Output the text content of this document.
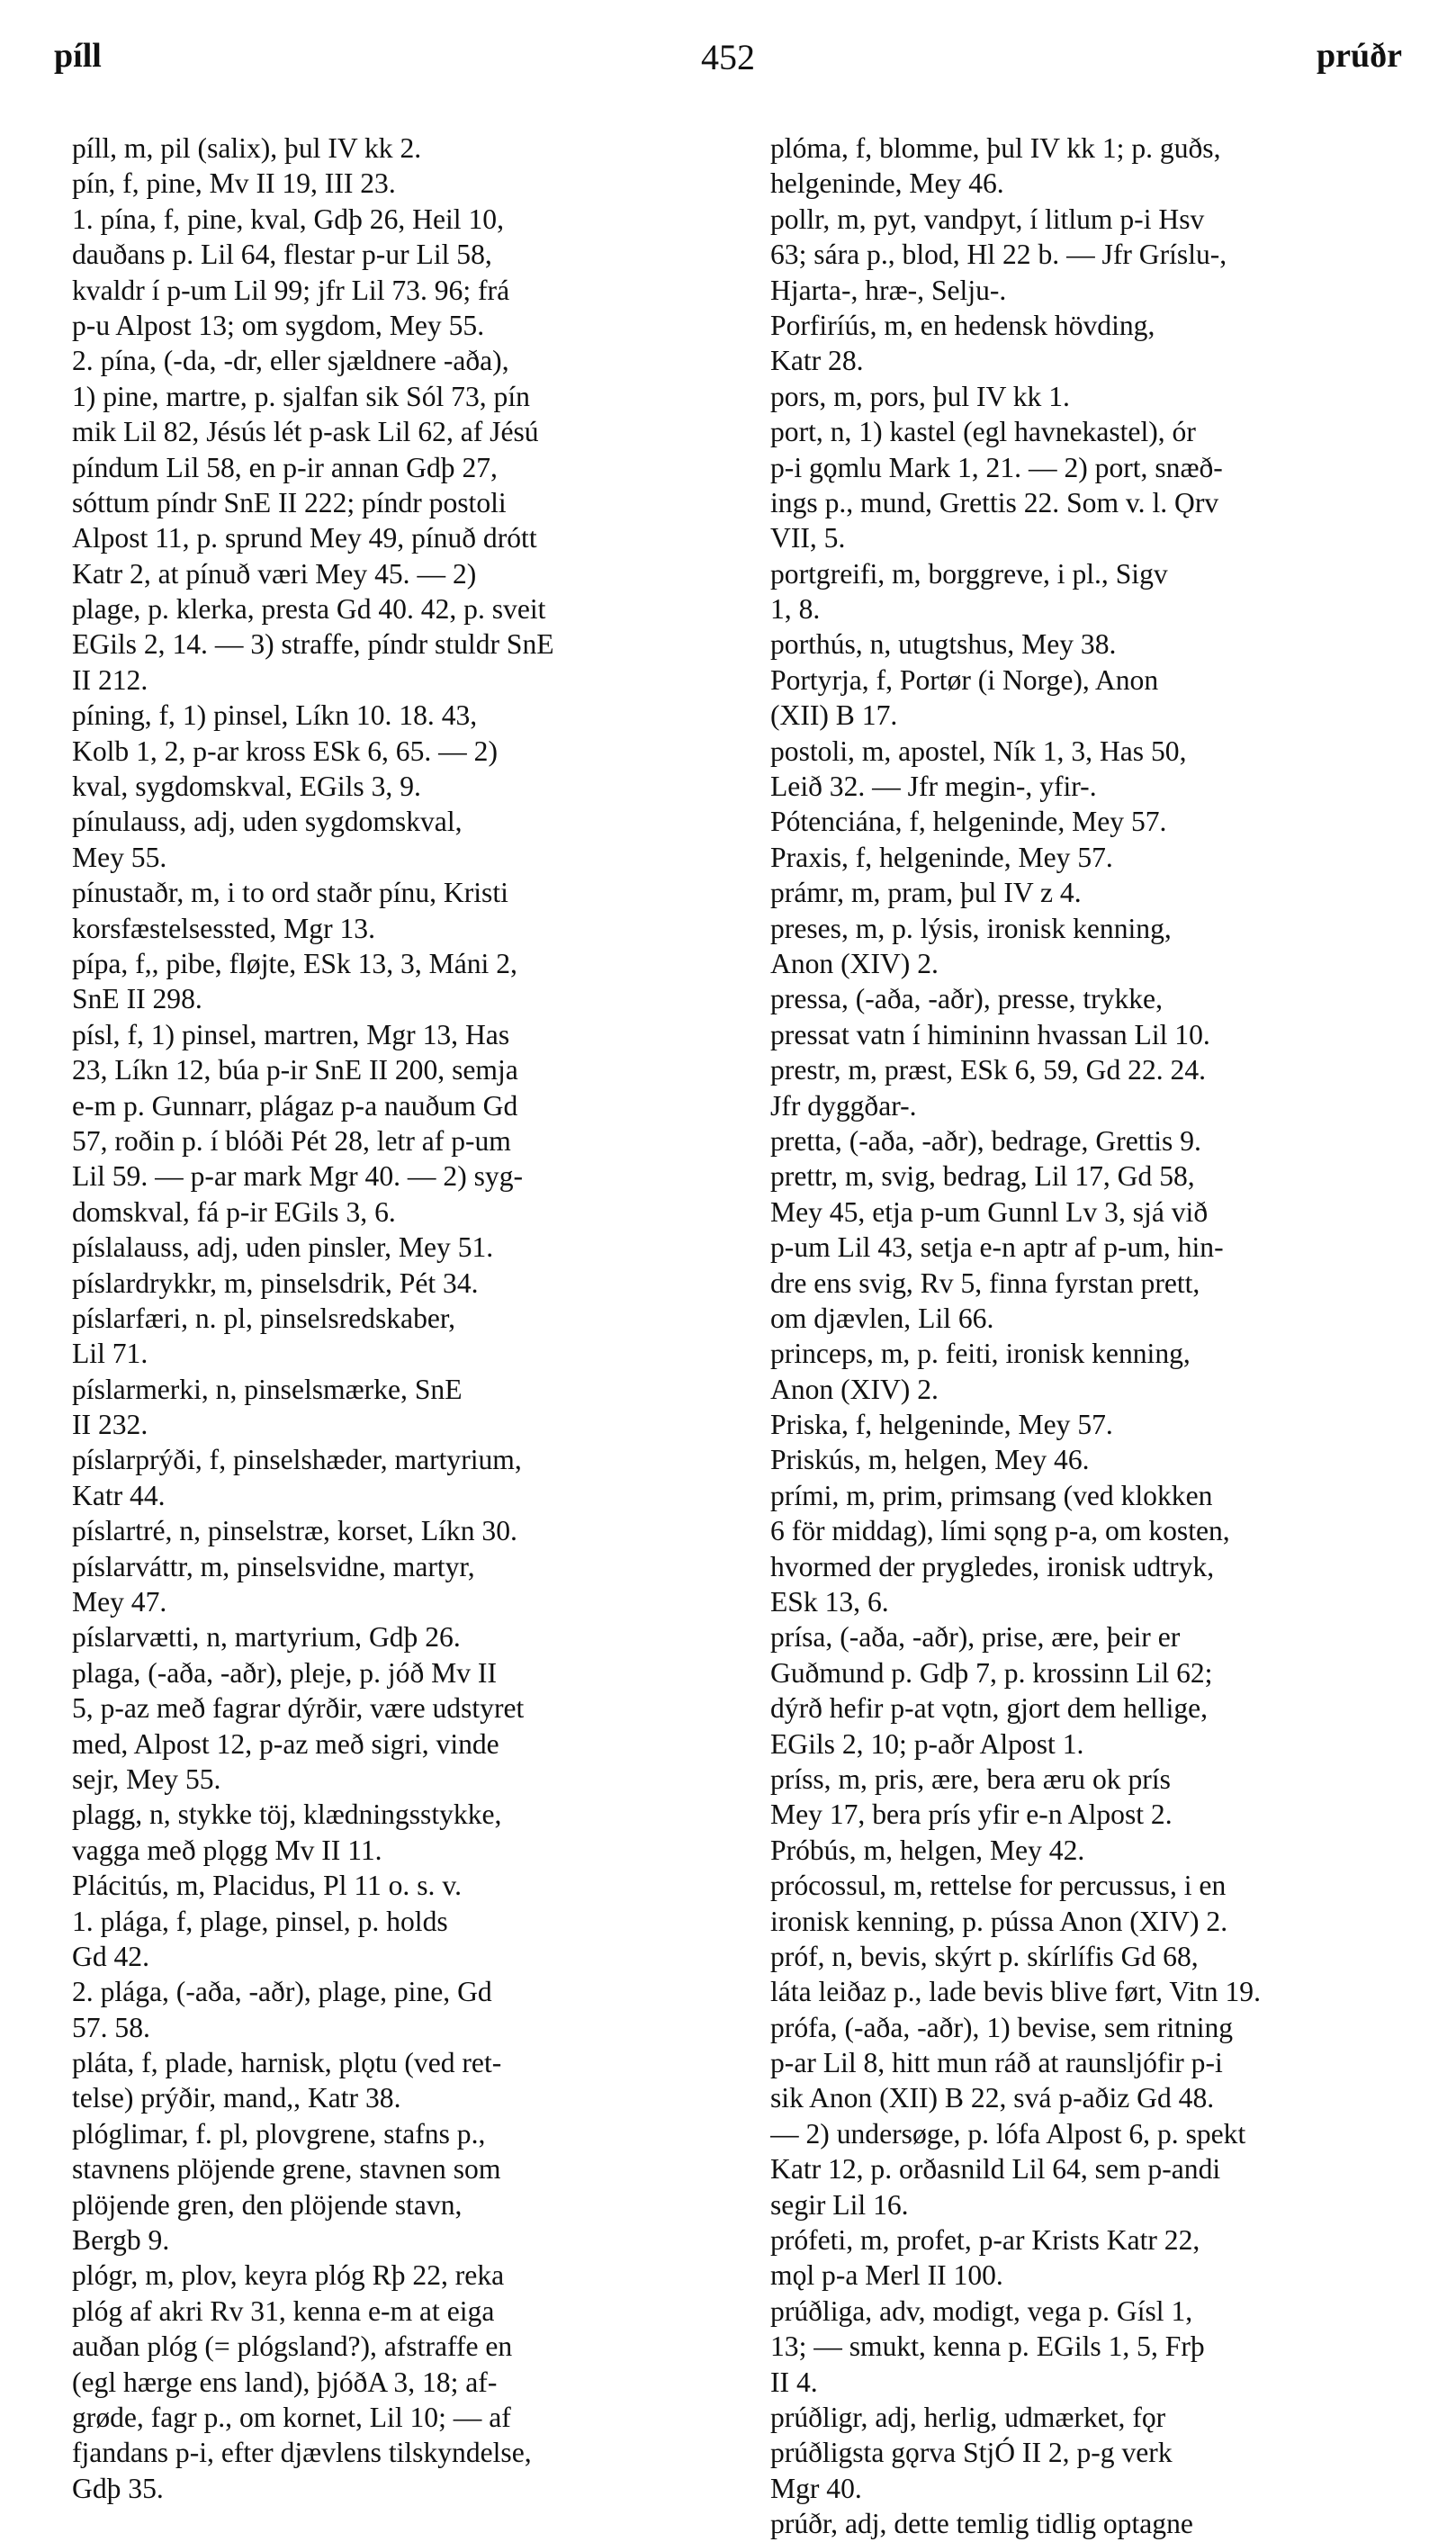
píll	452	prúðr
píll, m, pil (salix), þul IV kk 2.
pín, f, pine, Mv II 19, III 23.
1. pína, f, pine, kval, Gdþ 26, Heil 10,
dauðans p. Lil 64, flestar p-ur Lil 58,
kvaldr í p-um Lil 99; jfr Lil 73. 96; frá
p-u Alpost 13; om sygdom, Mey 55.
2. pína, (-da, -dr, eller sjældnere -aða),
1) pine, martre, p. sjalfan sik Sól 73, pín
mik Lil 82, Jésús lét p-ask Lil 62, af Jésú
píndum Lil 58, en p-ir annan Gdþ 27,
sóttum píndr SnE II 222; píndr postoli
Alpost 11, p. sprund Mey 49, pínuð drótt
Katr 2, at pínuð væri Mey 45. — 2)
plage, p. klerka, presta Gd 40. 42, p. sveit
EGils 2, 14. — 3) straffe, píndr stuldr SnE
II 212.
píning, f, 1) pinsel, Líkn 10. 18. 43,
Kolb 1, 2, p-ar kross ESk 6, 65. — 2)
kval, sygdomskval, EGils 3, 9.
pínulauss, adj, uden sygdomskval,
Mey 55.
pínustaðr, m, i to ord staðr pínu, Kristi
korsfæstelsessted, Mgr 13.
pípa, f,, pibe, fløjte, ESk 13, 3, Máni 2,
SnE II 298.
písl, f, 1) pinsel, martren, Mgr 13, Has
23, Líkn 12, búa p-ir SnE II 200, semja
e-m p. Gunnarr, plágaz p-a nauðum Gd
57, roðin p. í blóði Pét 28, letr af p-um
Lil 59. — p-ar mark Mgr 40. — 2) syg-
domskval, fá p-ir EGils 3, 6.
píslalauss, adj, uden pinsler, Mey 51.
píslardrykkr, m, pinselsdrik, Pét 34.
píslarfæri, n. pl, pinselsredskaber,
Lil 71.
píslarmerki, n, pinselsmærke, SnE
II 232.
píslarprýði, f, pinselshæder, martyrium,
Katr 44.
píslartré, n, pinselstræ, korset, Líkn 30.
píslarváttr, m, pinselsvidne, martyr,
Mey 47.
píslarvætti, n, martyrium, Gdþ 26.
plaga, (-aða, -aðr), pleje, p. jóð Mv II
5, p-az með fagrar dýrðir, være udstyret
med, Alpost 12, p-az með sigri, vinde
sejr, Mey 55.
plagg, n, stykke töj, klædningsstykke,
vagga með plǫgg Mv II 11.
Plácitús, m, Placidus, Pl 11 o. s. v.
1. plága, f, plage, pinsel, p. holds
Gd 42.
2. plága, (-aða, -aðr), plage, pine, Gd
57. 58.
pláta, f, plade, harnisk, plǫtu (ved ret-
telse) prýðir, mand,, Katr 38.
plóglimar, f. pl, plovgrene, stafns p.,
stavnens plöjende grene, stavnen som
plöjende gren, den plöjende stavn,
Bergb 9.
plógr, m, plov, keyra plóg Rþ 22, reka
plóg af akri Rv 31, kenna e-m at eiga
auðan plóg (= plógsland?), afstraffe en
(egl hærge ens land), þjóðA 3, 18; af-
grøde, fagr p., om kornet, Lil 10; — af
fjandans p-i, efter djævlens tilskyndelse,
Gdþ 35.
plóma, f, blomme, þul IV kk 1; p. guðs,
helgeninde, Mey 46.
pollr, m, pyt, vandpyt, í litlum p-i Hsv
63; sára p., blod, Hl 22 b. — Jfr Gríslu-,
Hjarta-, hræ-, Selju-.
Porfiríús, m, en hedensk hövding,
Katr 28.
pors, m, pors, þul IV kk 1.
port, n, 1) kastel (egl havnekastel), ór
p-i gǫmlu Mark 1, 21. — 2) port, snæð-
ings p., mund, Grettis 22. Som v. l. Ǫrv
VII, 5.
portgreifi, m, borggreve, i pl., Sigv
1, 8.
porthús, n, utugtshus, Mey 38.
Portyrja, f, Portør (i Norge), Anon
(XII) B 17.
postoli, m, apostel, Ník 1, 3, Has 50,
Leið 32. — Jfr megin-, yfir-.
Pótenciána, f, helgeninde, Mey 57.
Praxis, f, helgeninde, Mey 57.
prámr, m, pram, þul IV z 4.
preses, m, p. lýsis, ironisk kenning,
Anon (XIV) 2.
pressa, (-aða, -aðr), presse, trykke,
pressat vatn í himininn hvassan Lil 10.
prestr, m, præst, ESk 6, 59, Gd 22. 24.
Jfr dyggðar-.
pretta, (-aða, -aðr), bedrage, Grettis 9.
prettr, m, svig, bedrag, Lil 17, Gd 58,
Mey 45, etja p-um Gunnl Lv 3, sjá við
p-um Lil 43, setja e-n aptr af p-um, hin-
dre ens svig, Rv 5, finna fyrstan prett,
om djævlen, Lil 66.
princeps, m, p. feiti, ironisk kenning,
Anon (XIV) 2.
Priska, f, helgeninde, Mey 57.
Priskús, m, helgen, Mey 46.
prími, m, prim, primsang (ved klokken
6 för middag), lími sǫng p-a, om kosten,
hvormed der prygledes, ironisk udtryk,
ESk 13, 6.
prísa, (-aða, -aðr), prise, ære, þeir er
Guðmund p. Gdþ 7, p. krossinn Lil 62;
dýrð hefir p-at vǫtn, gjort dem hellige,
EGils 2, 10; p-aðr Alpost 1.
príss, m, pris, ære, bera æru ok prís
Mey 17, bera prís yfir e-n Alpost 2.
Próbús, m, helgen, Mey 42.
prócossul, m, rettelse for percussus, i en
ironisk kenning, p. pússa Anon (XIV) 2.
próf, n, bevis, skýrt p. skírlífis Gd 68,
láta leiðaz p., lade bevis blive ført, Vitn 19.
prófa, (-aða, -aðr), 1) bevise, sem ritning
p-ar Lil 8, hitt mun ráð at raunsljófir p-i
sik Anon (XII) B 22, svá p-aðiz Gd 48.
— 2) undersøge, p. lófa Alpost 6, p. spekt
Katr 12, p. orðasnild Lil 64, sem p-andi
segir Lil 16.
prófeti, m, profet, p-ar Krists Katr 22,
mǫl p-a Merl II 100.
prúðliga, adv, modigt, vega p. Gísl 1,
13; — smukt, kenna p. EGils 1, 5, Frþ
II 4.
prúðligr, adj, herlig, udmærket, fǫr
prúðligsta gǫrva StjÓ II 2, p-g verk
Mgr 40.
prúðr, adj, dette temlig tidlig optagne
